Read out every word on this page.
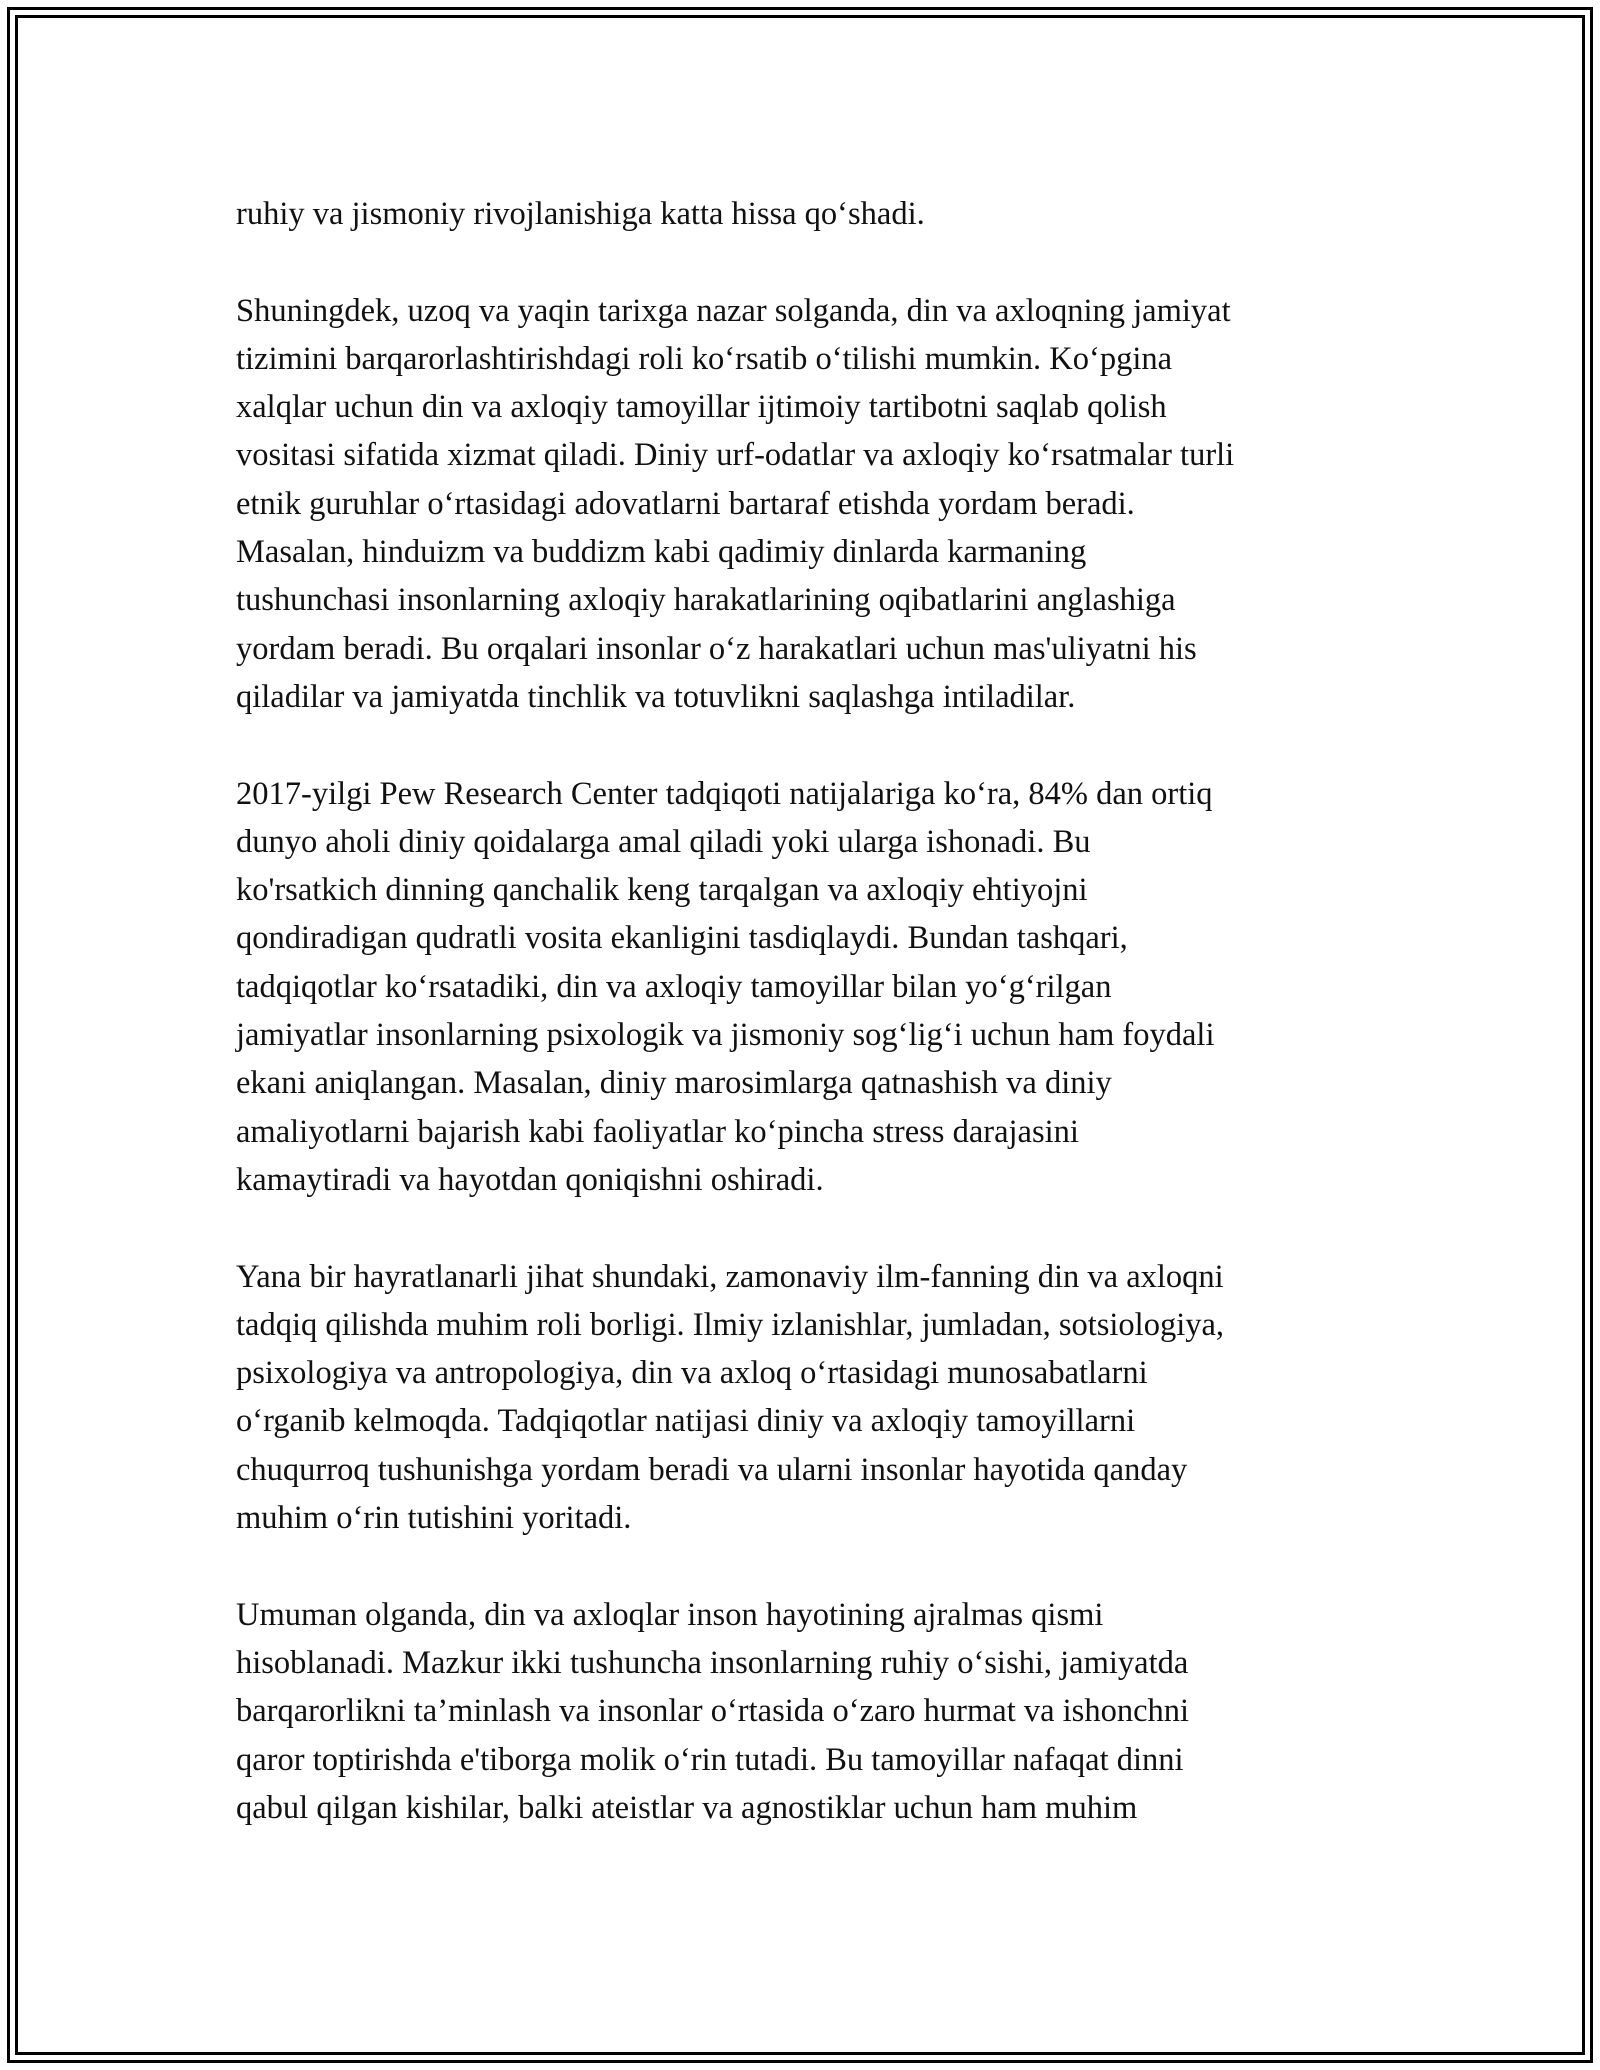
ruhiy va jismoniy rivojlanishiga katta hissa qo‘shadi.
Shuningdek, uzoq va yaqin tarixga nazar solganda, din va axloqning jamiyat
tizimini barqarorlashtirishdagi roli ko‘rsatib o‘tilishi mumkin. Ko‘pgina
xalqlar uchun din va axloqiy tamoyillar ijtimoiy tartibotni saqlab qolish
vositasi sifatida xizmat qiladi. Diniy urf-odatlar va axloqiy ko‘rsatmalar turli
etnik guruhlar o‘rtasidagi adovatlarni bartaraf etishda yordam beradi.
Masalan, hinduizm va buddizm kabi qadimiy dinlarda karmaning
tushunchasi insonlarning axloqiy harakatlarining oqibatlarini anglashiga
yordam beradi. Bu orqalari insonlar o‘z harakatlari uchun mas'uliyatni his
qiladilar va jamiyatda tinchlik va totuvlikni saqlashga intiladilar.
2017-yilgi Pew Research Center tadqiqoti natijalariga ko‘ra, 84% dan ortiq
dunyo aholi diniy qoidalarga amal qiladi yoki ularga ishonadi. Bu
ko'rsatkich dinning qanchalik keng tarqalgan va axloqiy ehtiyojni
qondiradigan qudratli vosita ekanligini tasdiqlaydi. Bundan tashqari,
tadqiqotlar ko‘rsatadiki, din va axloqiy tamoyillar bilan yo‘g‘rilgan
jamiyatlar insonlarning psixologik va jismoniy sog‘lig‘i uchun ham foydali
ekani aniqlangan. Masalan, diniy marosimlarga qatnashish va diniy
amaliyotlarni bajarish kabi faoliyatlar ko‘pincha stress darajasini
kamaytiradi va hayotdan qoniqishni oshiradi.
Yana bir hayratlanarli jihat shundaki, zamonaviy ilm-fanning din va axloqni
tadqiq qilishda muhim roli borligi. Ilmiy izlanishlar, jumladan, sotsiologiya,
psixologiya va antropologiya, din va axloq o‘rtasidagi munosabatlarni
o‘rganib kelmoqda. Tadqiqotlar natijasi diniy va axloqiy tamoyillarni
chuqurroq tushunishga yordam beradi va ularni insonlar hayotida qanday
muhim o‘rin tutishini yoritadi.
Umuman olganda, din va axloqlar inson hayotining ajralmas qismi
hisoblanadi. Mazkur ikki tushuncha insonlarning ruhiy o‘sishi, jamiyatda
barqarorlikni ta’minlash va insonlar o‘rtasida o‘zaro hurmat va ishonchni
qaror toptirishda e'tiborga molik o‘rin tutadi. Bu tamoyillar nafaqat dinni
qabul qilgan kishilar, balki ateistlar va agnostiklar uchun ham muhim
